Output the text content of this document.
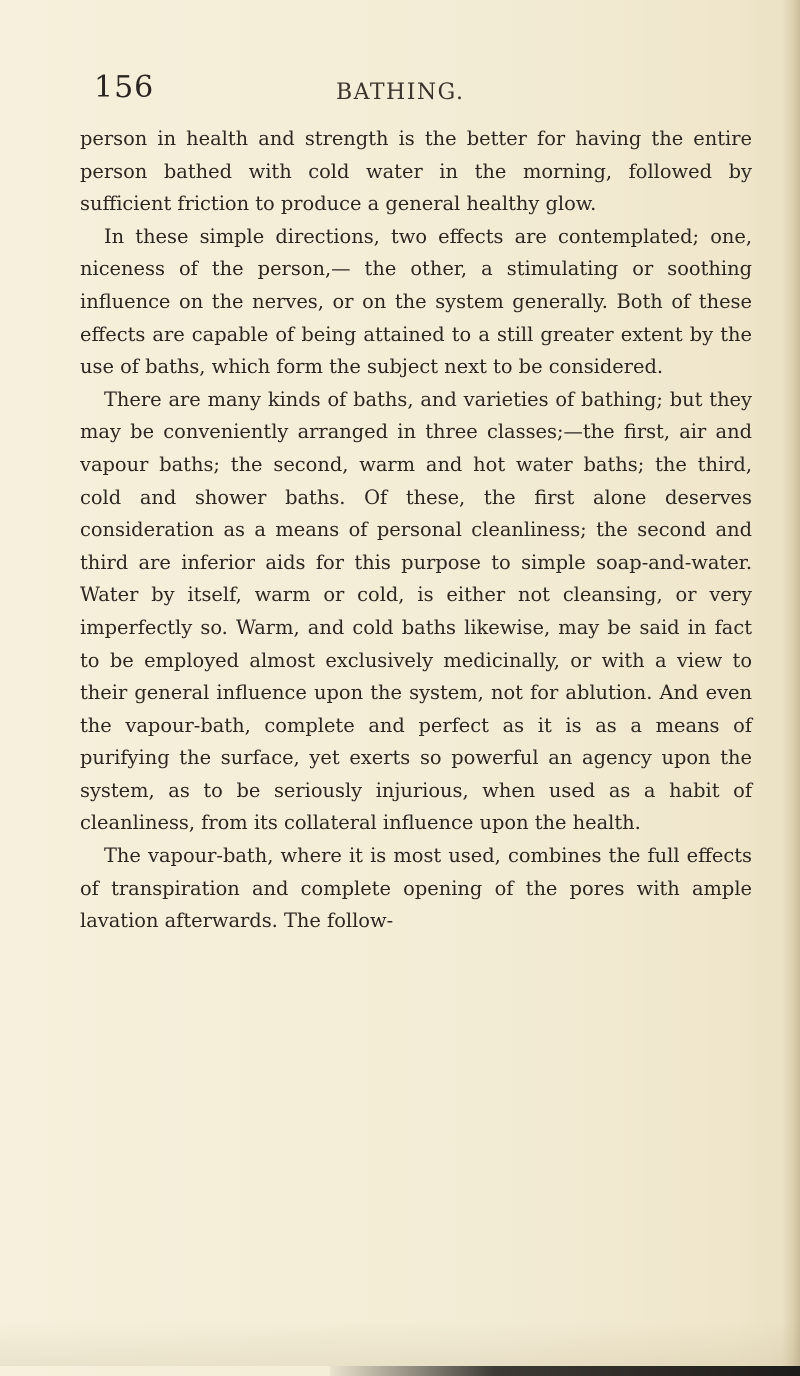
156	BATHING.

person in health and strength is the better for having the entire person bathed with cold water in the morning, followed by sufficient friction to produce a general healthy glow.

In these simple directions, two effects are contemplated; one, niceness of the person,— the other, a stimulating or soothing influence on the nerves, or on the system generally. Both of these effects are capable of being attained to a still greater extent by the use of baths, which form the subject next to be considered.

There are many kinds of baths, and varieties of bathing; but they may be conveniently arranged in three classes;—the first, air and vapour baths; the second, warm and hot water baths; the third, cold and shower baths. Of these, the first alone deserves consideration as a means of personal cleanliness; the second and third are inferior aids for this purpose to simple soap-and-water. Water by itself, warm or cold, is either not cleansing, or very imperfectly so. Warm, and cold baths likewise, may be said in fact to be employed almost exclusively medicinally, or with a view to their general influence upon the system, not for ablution. And even the vapour-bath, complete and perfect as it is as a means of purifying the surface, yet exerts so powerful an agency upon the system, as to be seriously injurious, when used as a habit of cleanliness, from its collateral influence upon the health.

The vapour-bath, where it is most used, combines the full effects of transpiration and complete opening of the pores with ample lavation afterwards. The follow-
